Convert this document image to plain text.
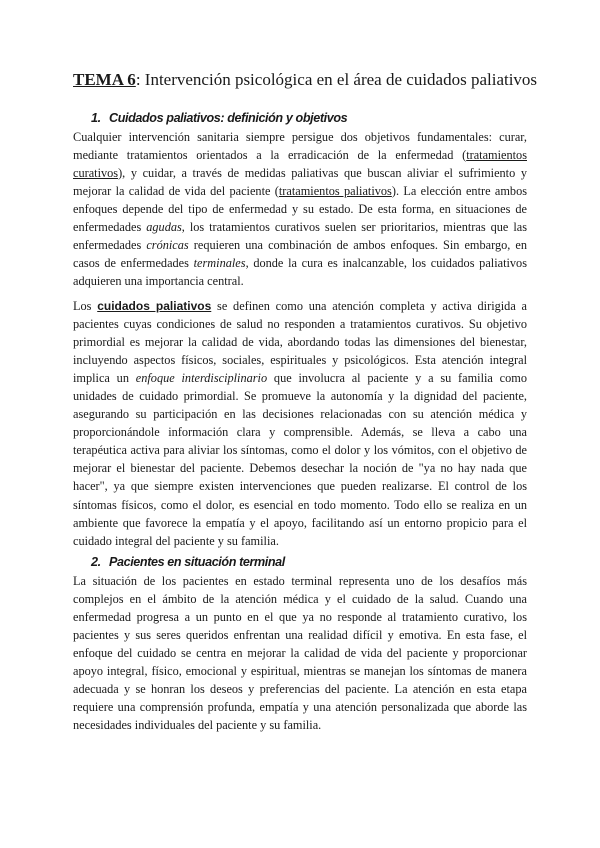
TEMA 6: Intervención psicológica en el área de cuidados paliativos
1. Cuidados paliativos: definición y objetivos

Cualquier intervención sanitaria siempre persigue dos objetivos fundamentales: curar, mediante tratamientos orientados a la erradicación de la enfermedad (tratamientos curativos), y cuidar, a través de medidas paliativas que buscan aliviar el sufrimiento y mejorar la calidad de vida del paciente (tratamientos paliativos). La elección entre ambos enfoques depende del tipo de enfermedad y su estado. De esta forma, en situaciones de enfermedades agudas, los tratamientos curativos suelen ser prioritarios, mientras que las enfermedades crónicas requieren una combinación de ambos enfoques. Sin embargo, en casos de enfermedades terminales, donde la cura es inalcanzable, los cuidados paliativos adquieren una importancia central.

Los cuidados paliativos se definen como una atención completa y activa dirigida a pacientes cuyas condiciones de salud no responden a tratamientos curativos. Su objetivo primordial es mejorar la calidad de vida, abordando todas las dimensiones del bienestar, incluyendo aspectos físicos, sociales, espirituales y psicológicos. Esta atención integral implica un enfoque interdisciplinario que involucra al paciente y a su familia como unidades de cuidado primordial. Se promueve la autonomía y la dignidad del paciente, asegurando su participación en las decisiones relacionadas con su atención médica y proporcionándole información clara y comprensible. Además, se lleva a cabo una terapéutica activa para aliviar los síntomas, como el dolor y los vómitos, con el objetivo de mejorar el bienestar del paciente. Debemos desechar la noción de "ya no hay nada que hacer", ya que siempre existen intervenciones que pueden realizarse. El control de los síntomas físicos, como el dolor, es esencial en todo momento. Todo ello se realiza en un ambiente que favorece la empatía y el apoyo, facilitando así un entorno propicio para el cuidado integral del paciente y su familia.

2. Pacientes en situación terminal

La situación de los pacientes en estado terminal representa uno de los desafíos más complejos en el ámbito de la atención médica y el cuidado de la salud. Cuando una enfermedad progresa a un punto en el que ya no responde al tratamiento curativo, los pacientes y sus seres queridos enfrentan una realidad difícil y emotiva. En esta fase, el enfoque del cuidado se centra en mejorar la calidad de vida del paciente y proporcionar apoyo integral, físico, emocional y espiritual, mientras se manejan los síntomas de manera adecuada y se honran los deseos y preferencias del paciente. La atención en esta etapa requiere una comprensión profunda, empatía y una atención personalizada que aborde las necesidades individuales del paciente y su familia.
